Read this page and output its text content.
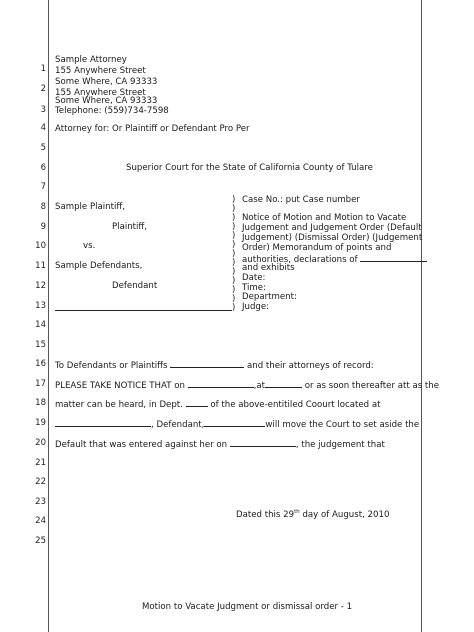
1
2
3
4
5
6
7
8
9
10
11
12
13
14
15
16
17
18
19
20
21
22
23
24
25
Sample Attorney
155 Anywhere Street
Some Where, CA 93333
155 Anywhere Street
Some Where, CA 93333
Telephone: (559)734-7598
Attorney for: Or Plaintiff or Defendant Pro Per
Superior Court for the State of California County of Tulare
Sample Plaintiff,
Plaintiff,
vs.
Sample Defendants,
Defendant
)
)
)
)
)
)
)
)
)
)
)
)
)
Case No.: put Case number
Notice of Motion and Motion to Vacate
Judgement and Judgement Order (Default
Judgement) (Dismissal Order) (Judgement
Order) Memorandum of points and
authorities, declarations of
and exhibits
Date:
Time:
Department:
Judge:
To Defendants or Plaintiffs	and their attorneys of record:
PLEASE TAKE NOTICE THAT on	,at	or as soon thereafter att as the
matter can be heard, in Dept.	of the above-entitiled Coourt located at
, Defendant,	will move the Court to set aside the
Default that was entered against her on	, the judgement that
Dated this 29th day of August, 2010
Motion to Vacate Judgment or dismissal order - 1
